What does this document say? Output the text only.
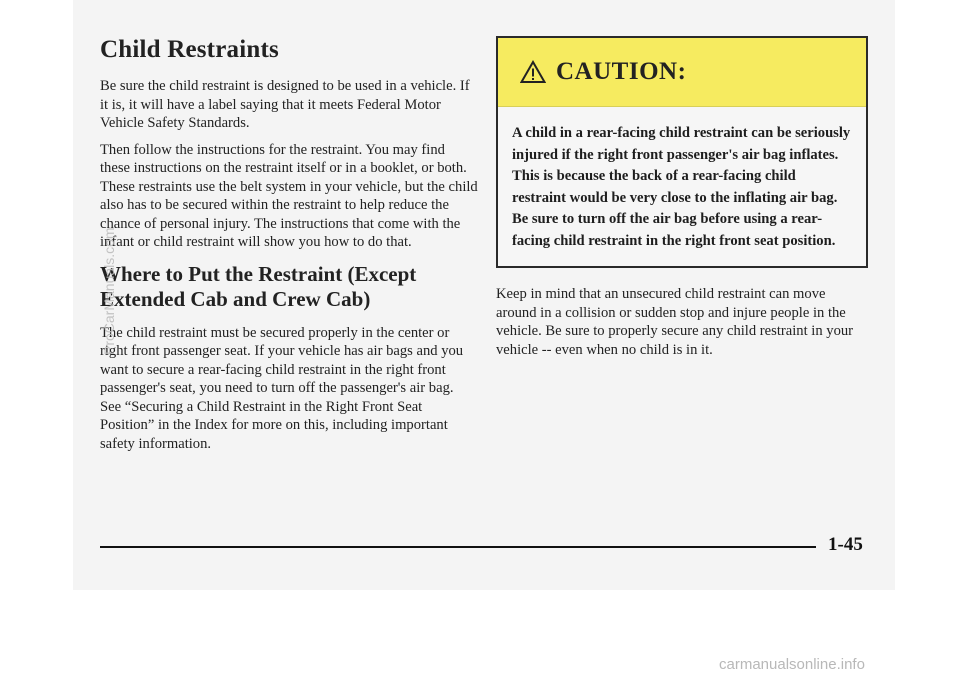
Child Restraints

Be sure the child restraint is designed to be used in a vehicle. If it is, it will have a label saying that it meets Federal Motor Vehicle Safety Standards.

Then follow the instructions for the restraint. You may find these instructions on the restraint itself or in a booklet, or both. These restraints use the belt system in your vehicle, but the child also has to be secured within the restraint to help reduce the chance of personal injury. The instructions that come with the infant or child restraint will show you how to do that.

Where to Put the Restraint (Except Extended Cab and Crew Cab)

The child restraint must be secured properly in the center or right front passenger seat. If your vehicle has air bags and you want to secure a rear-facing child restraint in the right front passenger's seat, you need to turn off the passenger's air bag. See “Securing a Child Restraint in the Right Front Seat Position” in the Index for more on this, including important safety information.

CAUTION:
A child in a rear-facing child restraint can be seriously injured if the right front passenger's air bag inflates. This is because the back of a rear-facing child restraint would be very close to the inflating air bag. Be sure to turn off the air bag before using a rear-facing child restraint in the right front seat position.

Keep in mind that an unsecured child restraint can move around in a collision or sudden stop and injure people in the vehicle. Be sure to properly secure any child restraint in your vehicle -- even when no child is in it.

1-45
ProCarManuals.com
carmanualsonline.info
